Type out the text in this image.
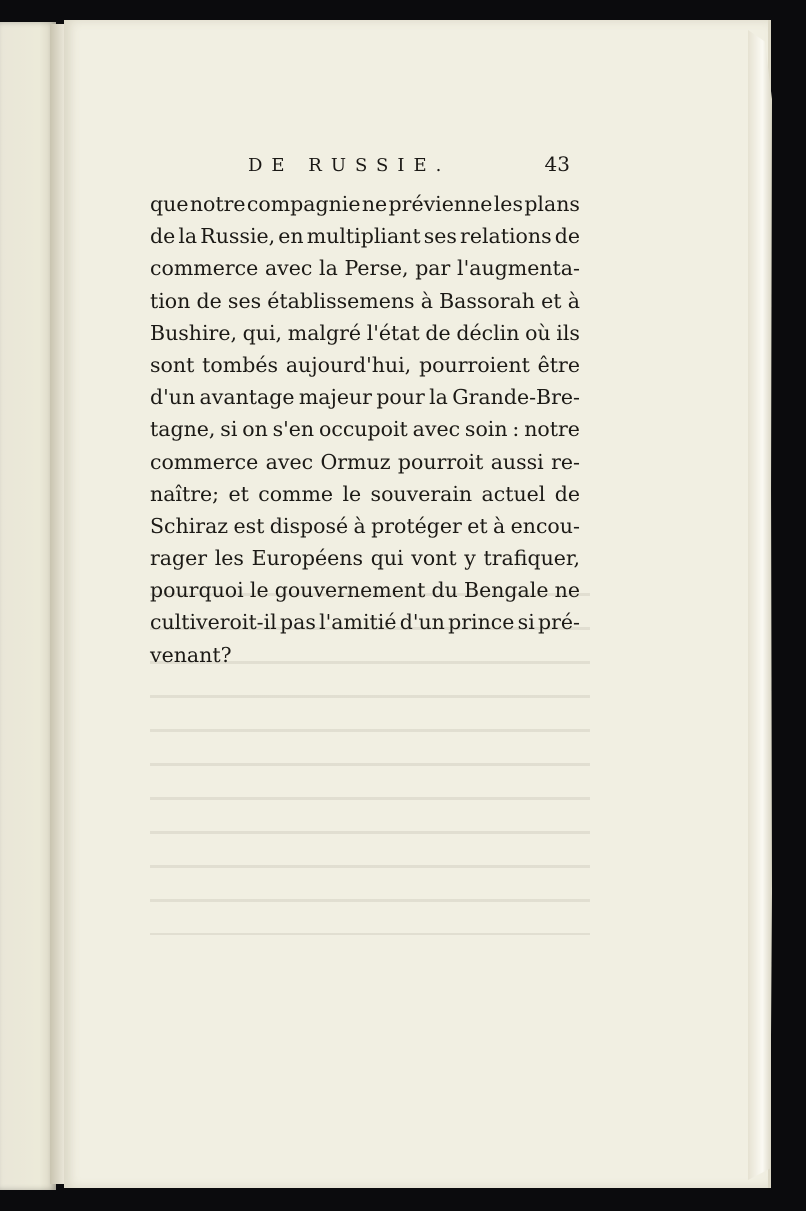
DE RUSSIE.	43
que notre compagnie ne prévienne les plans
de la Russie, en multipliant ses relations de
commerce avec la Perse, par l'augmenta-
tion de ses établissemens à Bassorah et à
Bushire, qui, malgré l'état de déclin où ils
sont tombés aujourd'hui, pourroient être
d'un avantage majeur pour la Grande-Bre-
tagne, si on s'en occupoit avec soin : notre
commerce avec Ormuz pourroit aussi re-
naître; et comme le souverain actuel de
Schiraz est disposé à protéger et à encou-
rager les Européens qui vont y trafiquer,
pourquoi le gouvernement du Bengale ne
cultiveroit-il pas l'amitié d'un prince si pré-
venant?
